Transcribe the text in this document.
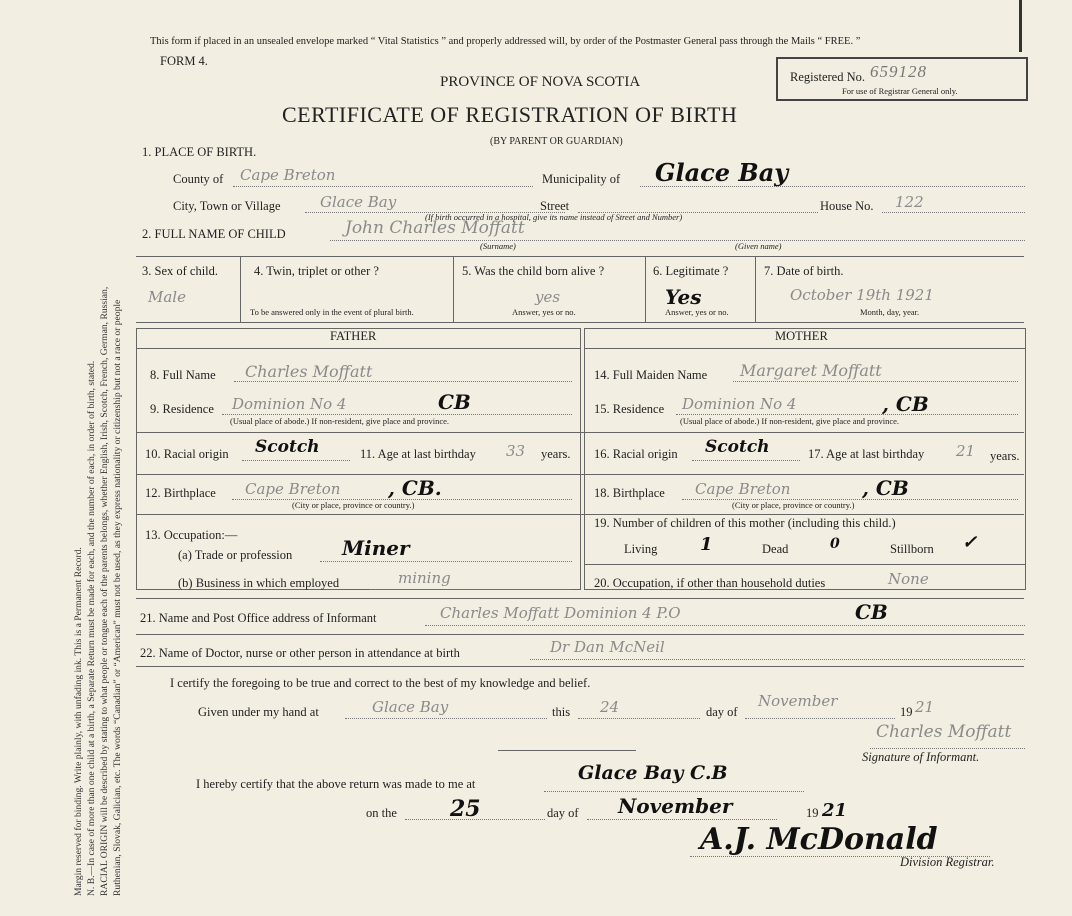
Margin reserved for binding. Write plainly, with unfading ink. This is a Permanent Record. N. B.—In case of more than one child at a birth, a Separate Return must be made for each, and the number of each, in order of birth, stated. RACIAL ORIGIN will be described by stating to what people or tongue each of the parents belongs, whether English, Irish, Scotch, French, German, Russian, Ruthenian, Slovak, Galician, etc. The words “Canadian” or “American” must not be used, as they express nationality or citizenship but not a race or people
This form if placed in an unsealed envelope marked “ Vital Statistics ” and properly addressed will, by order of the Postmaster General pass through the Mails “ FREE. ”
FORM 4.
Registered No. 659128
For use of Registrar General only.
PROVINCE OF NOVA SCOTIA
CERTIFICATE OF REGISTRATION OF BIRTH
(BY PARENT OR GUARDIAN)
1. PLACE OF BIRTH.
County of Cape Breton	Municipality of Glace Bay
City, Town or Village	Glace Bay	Street	House No. 122
(If birth occurred in a hospital, give its name instead of Street and Number)
2. FULL NAME OF CHILD	John Charles Moffatt
(Surname)	(Given name)
3. Sex of child.
Male
4. Twin, triplet or other ?
To be answered only in the event of plural birth.
5. Was the child born alive ?
yes
Answer, yes or no.
6. Legitimate ?
Yes
Answer, yes or no.
7. Date of birth.
October 19th 1921
Month, day, year.
FATHER	MOTHER
8. Full Name Charles Moffatt
9. Residence Dominion No 4	CB
(Usual place of abode.) If non-resident, give place and province.
10. Racial origin Scotch	11. Age at last birthday 33 years.
12. Birthplace Cape Breton , CB.
(City or place, province or country.)
13. Occupation:—
(a) Trade or profession Miner
(b) Business in which employed	mining
14. Full Maiden Name Margaret Moffatt
15. Residence Dominion No 4	, CB
(Usual place of abode.) If non-resident, give place and province.
16. Racial origin Scotch	17. Age at last birthday 21 years.
18. Birthplace Cape Breton	, CB
(City or place, province or country.)
19. Number of children of this mother (including this child.)
Living 1	Dead	0	Stillborn ✓
20. Occupation, if other than household duties	None
21. Name and Post Office address of Informant	Charles Moffatt Dominion 4 P.O	CB
22. Name of Doctor, nurse or other person in attendance at birth	Dr Dan McNeil
I certify the foregoing to be true and correct to the best of my knowledge and belief.
Given under my hand at	Glace Bay	this 24	day of
November
19 21
Charles Moffatt
Signature of Informant.
I hereby certify that the above return was made to me at	Glace Bay C.B
on the 25	day of November	19 21
A.J. McDonald
Division Registrar.
